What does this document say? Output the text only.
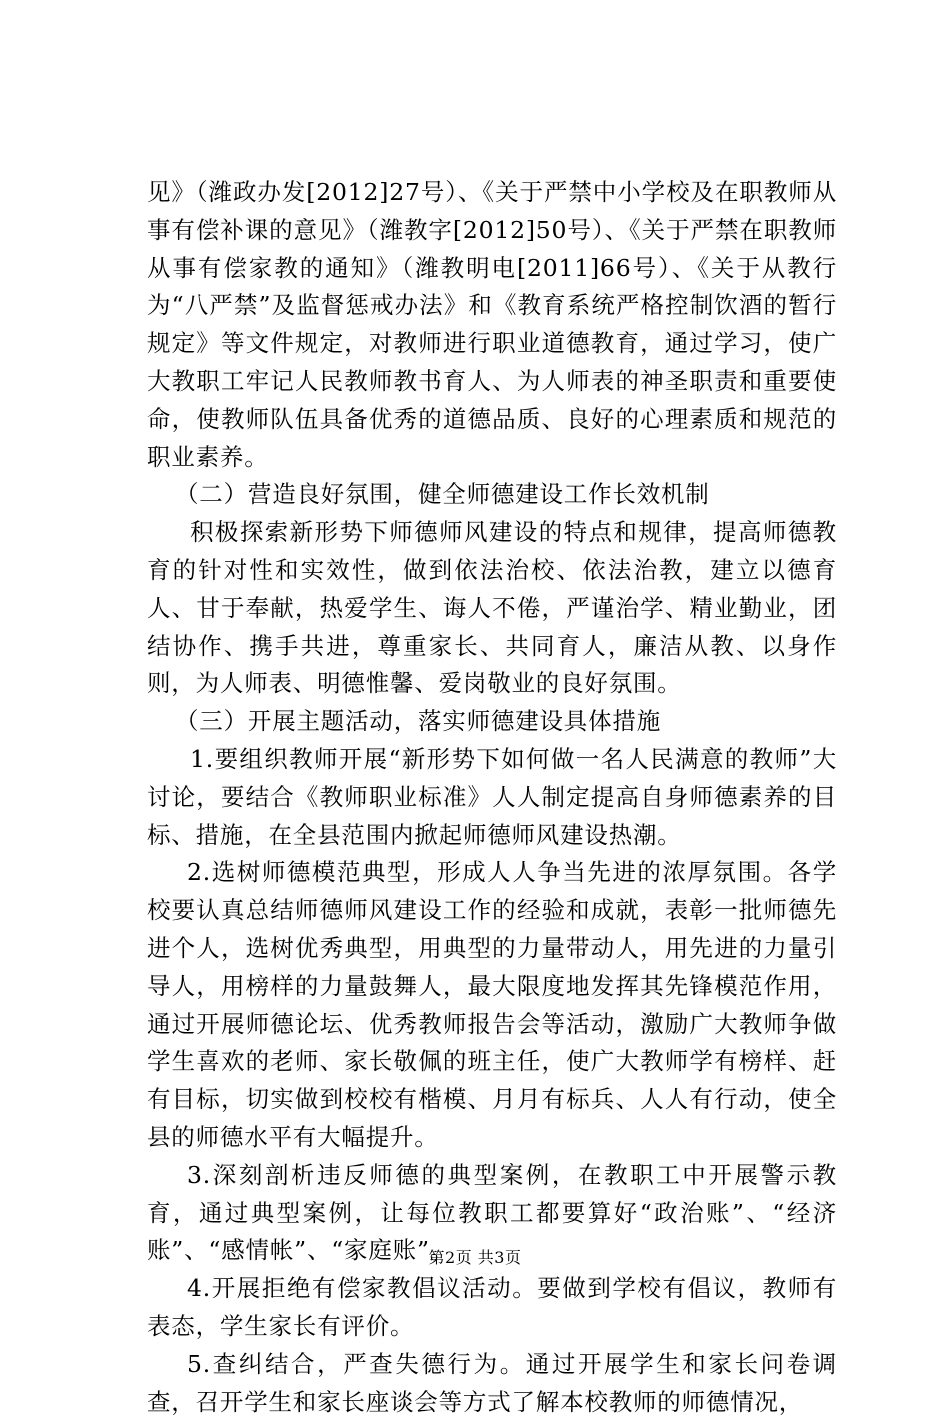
见》（潍政办发[2012]27号）、《关于严禁中小学校及在职教师从事有偿补课的意见》（潍教字[2012]50号）、《关于严禁在职教师从事有偿家教的通知》（潍教明电[2011]66号）、《关于从教行为“八严禁”及监督惩戒办法》和《教育系统严格控制饮酒的暂行规定》等文件规定，对教师进行职业道德教育，通过学习，使广大教职工牢记人民教师教书育人、为人师表的神圣职责和重要使命，使教师队伍具备优秀的道德品质、良好的心理素质和规范的职业素养。

（二）营造良好氛围，健全师德建设工作长效机制

积极探索新形势下师德师风建设的特点和规律，提高师德教育的针对性和实效性，做到依法治校、依法治教，建立以德育人、甘于奉献，热爱学生、诲人不倦，严谨治学、精业勤业，团结协作、携手共进，尊重家长、共同育人，廉洁从教、以身作则，为人师表、明德惟馨、爱岗敬业的良好氛围。

（三）开展主题活动，落实师德建设具体措施

1.要组织教师开展“新形势下如何做一名人民满意的教师”大讨论，要结合《教师职业标准》人人制定提高自身师德素养的目标、措施，在全县范围内掀起师德师风建设热潮。

2.选树师德模范典型，形成人人争当先进的浓厚氛围。各学校要认真总结师德师风建设工作的经验和成就，表彰一批师德先进个人，选树优秀典型，用典型的力量带动人，用先进的力量引导人，用榜样的力量鼓舞人，最大限度地发挥其先锋模范作用，通过开展师德论坛、优秀教师报告会等活动，激励广大教师争做学生喜欢的老师、家长敬佩的班主任，使广大教师学有榜样、赶有目标，切实做到校校有楷模、月月有标兵、人人有行动，使全县的师德水平有大幅提升。

3.深刻剖析违反师德的典型案例，在教职工中开展警示教育，通过典型案例，让每位教职工都要算好“政治账”、“经济账”、“感情帐”、“家庭账”。

4.开展拒绝有偿家教倡议活动。要做到学校有倡议，教师有表态，学生家长有评价。

5.查纠结合，严查失德行为。通过开展学生和家长问卷调查，召开学生和家长座谈会等方式了解本校教师的师德情况，

第2页 共3页
